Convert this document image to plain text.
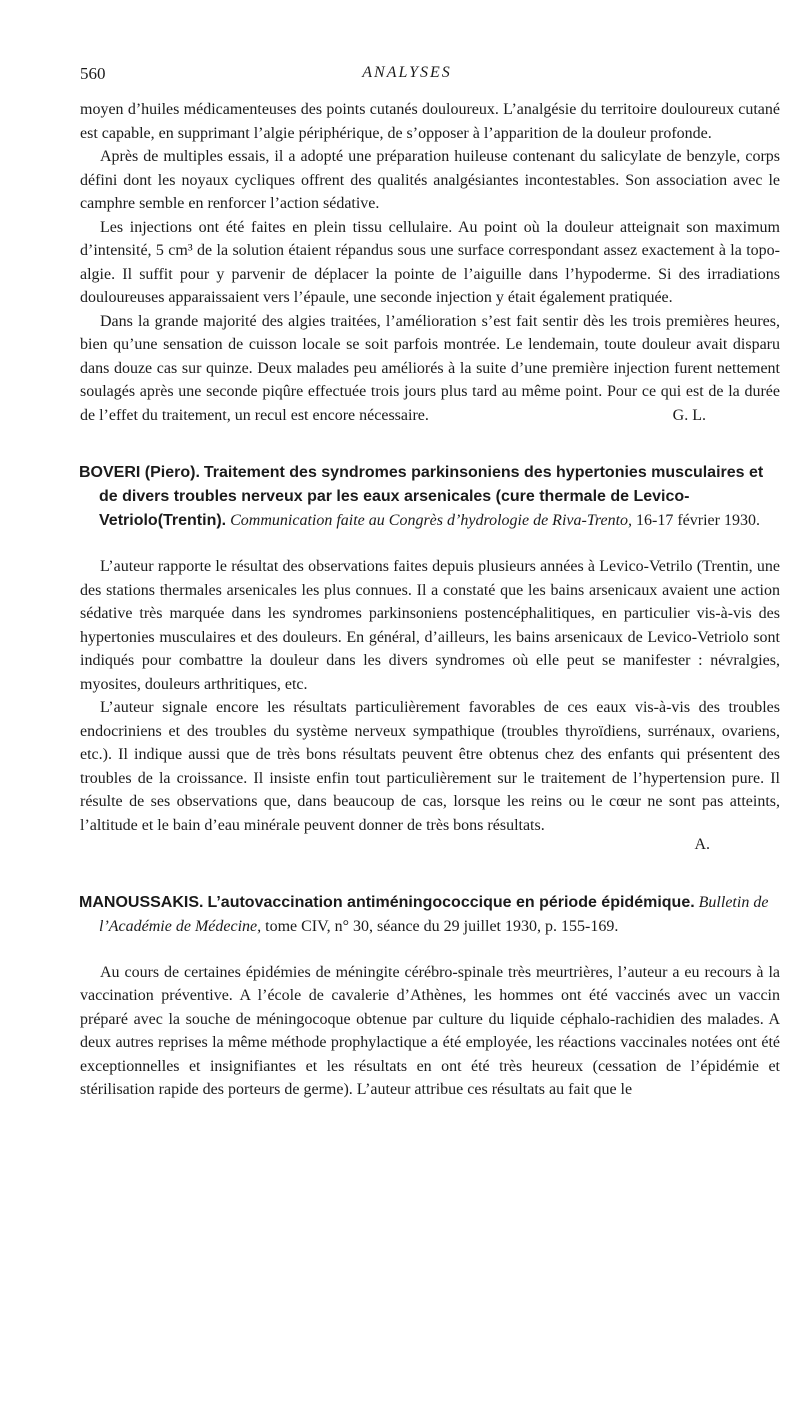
560	ANALYSES

moyen d’huiles médicamenteuses des points cutanés douloureux. L’analgésie du territoire douloureux cutané est capable, en supprimant l’algie périphérique, de s’opposer à l’apparition de la douleur profonde.

Après de multiples essais, il a adopté une préparation huileuse contenant du salicylate de benzyle, corps défini dont les noyaux cycliques offrent des qualités analgésiantes incontestables. Son association avec le camphre semble en renforcer l’action sédative.

Les injections ont été faites en plein tissu cellulaire. Au point où la douleur atteignait son maximum d’intensité, 5 cm³ de la solution étaient répandus sous une surface correspondant assez exactement à la topo-algie. Il suffit pour y parvenir de déplacer la pointe de l’aiguille dans l’hypoderme. Si des irradiations douloureuses apparaissaient vers l’épaule, une seconde injection y était également pratiquée.

Dans la grande majorité des algies traitées, l’amélioration s’est fait sentir dès les trois premières heures, bien qu’une sensation de cuisson locale se soit parfois montrée. Le lendemain, toute douleur avait disparu dans douze cas sur quinze. Deux malades peu améliorés à la suite d’une première injection furent nettement soulagés après une seconde piqûre effectuée trois jours plus tard au même point. Pour ce qui est de la durée de l’effet du traitement, un recul est encore nécessaire.	G. L.

BOVERI (Piero). Traitement des syndromes parkinsoniens des hypertonies musculaires et de divers troubles nerveux par les eaux arsenicales (cure thermale de Levico-Vetriolo(Trentin). Communication faite au Congrès d’hydrologie de Riva-Trento, 16-17 février 1930.

L’auteur rapporte le résultat des observations faites depuis plusieurs années à Levico-Vetrilo (Trentin, une des stations thermales arsenicales les plus connues. Il a constaté que les bains arsenicaux avaient une action sédative très marquée dans les syndromes parkinsoniens postencéphalitiques, en particulier vis-à-vis des hypertonies musculaires et des douleurs. En général, d’ailleurs, les bains arsenicaux de Levico-Vetriolo sont indiqués pour combattre la douleur dans les divers syndromes où elle peut se manifester : névralgies, myosites, douleurs arthritiques, etc.

L’auteur signale encore les résultats particulièrement favorables de ces eaux vis-à-vis des troubles endocriniens et des troubles du système nerveux sympathique (troubles thyroïdiens, surrénaux, ovariens, etc.). Il indique aussi que de très bons résultats peuvent être obtenus chez des enfants qui présentent des troubles de la croissance. Il insiste enfin tout particulièrement sur le traitement de l’hypertension pure. Il résulte de ses observations que, dans beaucoup de cas, lorsque les reins ou le cœur ne sont pas atteints, l’altitude et le bain d’eau minérale peuvent donner de très bons résultats.

A.

MANOUSSAKIS. L’autovaccination antiméningococcique en période épidémique. Bulletin de l’Académie de Médecine, tome CIV, n° 30, séance du 29 juillet 1930, p. 155-169.

Au cours de certaines épidémies de méningite cérébro-spinale très meurtrières, l’auteur a eu recours à la vaccination préventive. A l’école de cavalerie d’Athènes, les hommes ont été vaccinés avec un vaccin préparé avec la souche de méningocoque obtenue par culture du liquide céphalo-rachidien des malades. A deux autres reprises la même méthode prophylactique a été employée, les réactions vaccinales notées ont été exceptionnelles et insignifiantes et les résultats en ont été très heureux (cessation de l’épidémie et stérilisation rapide des porteurs de germe). L’auteur attribue ces résultats au fait que le
